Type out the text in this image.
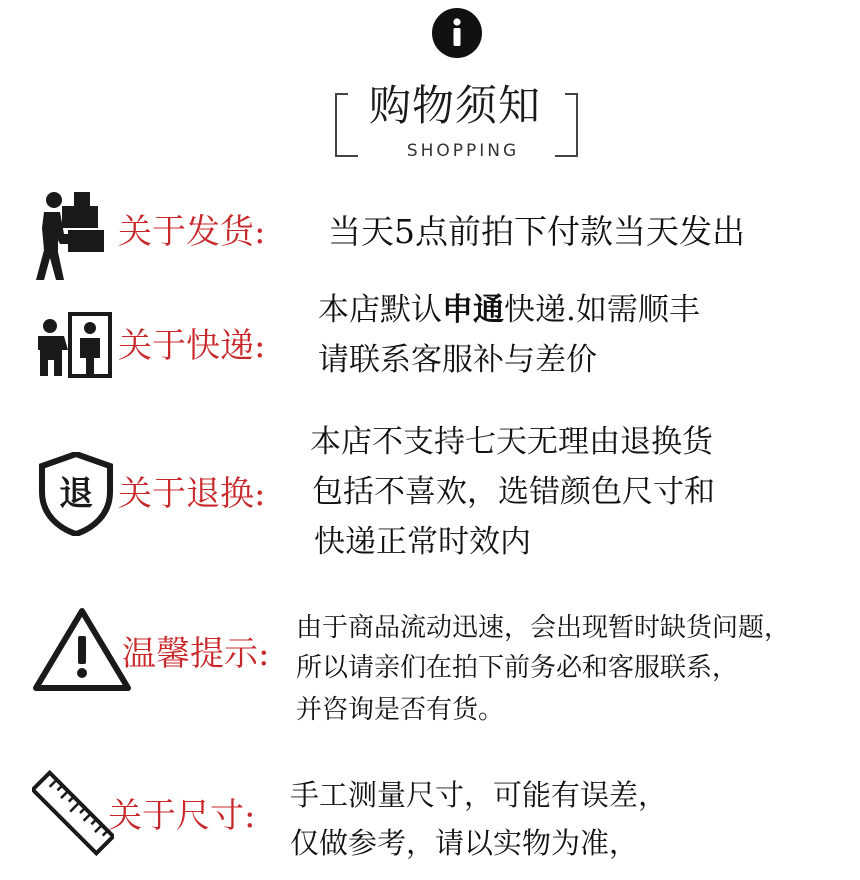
购物须知
SHOPPING
关于发货: 当天5点前拍下付款当天发出
关于快递:
本店默认申通快递.如需顺丰
请联系客服补与差价
退 关于退换:
本店不支持七天无理由退换货
包括不喜欢，选错颜色尺寸和
快递正常时效内
温馨提示:
由于商品流动迅速，会出现暂时缺货问题，
所以请亲们在拍下前务必和客服联系，
并咨询是否有货。
关于尺寸:
手工测量尺寸，可能有误差，
仅做参考，请以实物为准，
